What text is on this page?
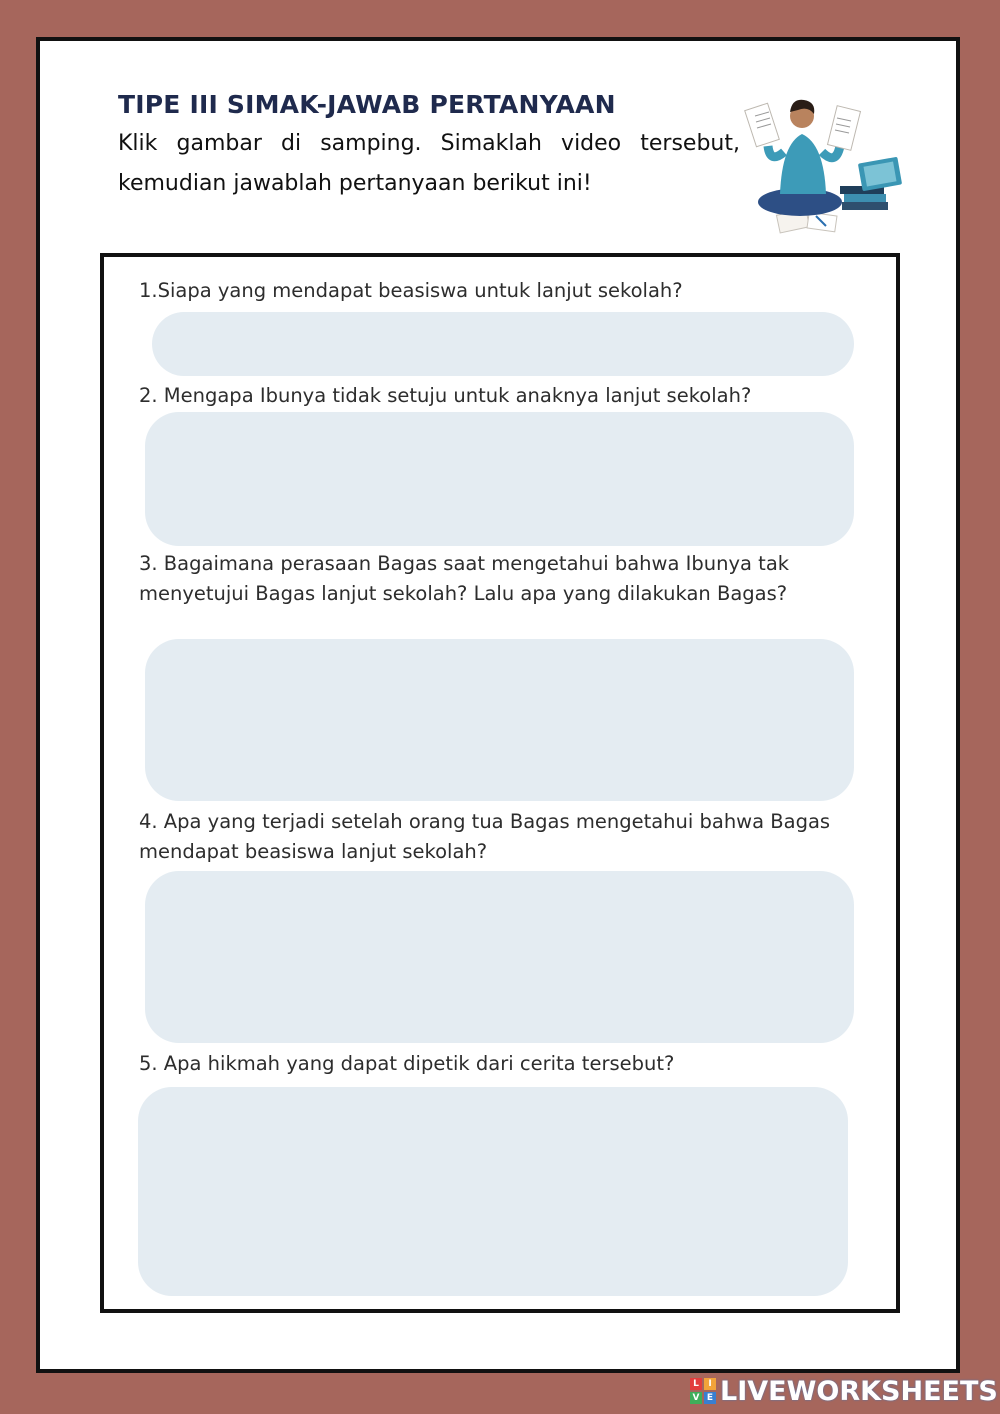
TIPE III SIMAK-JAWAB PERTANYAAN
Klik gambar di samping. Simaklah video tersebut, kemudian jawablah pertanyaan berikut ini!
1.Siapa yang mendapat beasiswa untuk lanjut sekolah?
2. Mengapa Ibunya tidak setuju untuk anaknya lanjut sekolah?
3. Bagaimana perasaan Bagas saat mengetahui bahwa Ibunya tak menyetujui Bagas lanjut sekolah? Lalu apa yang dilakukan Bagas?
4. Apa yang terjadi setelah orang tua Bagas mengetahui bahwa Bagas mendapat beasiswa lanjut sekolah?
5. Apa hikmah yang dapat dipetik dari cerita tersebut?
L	I
V E LIVEWORKSHEETS
